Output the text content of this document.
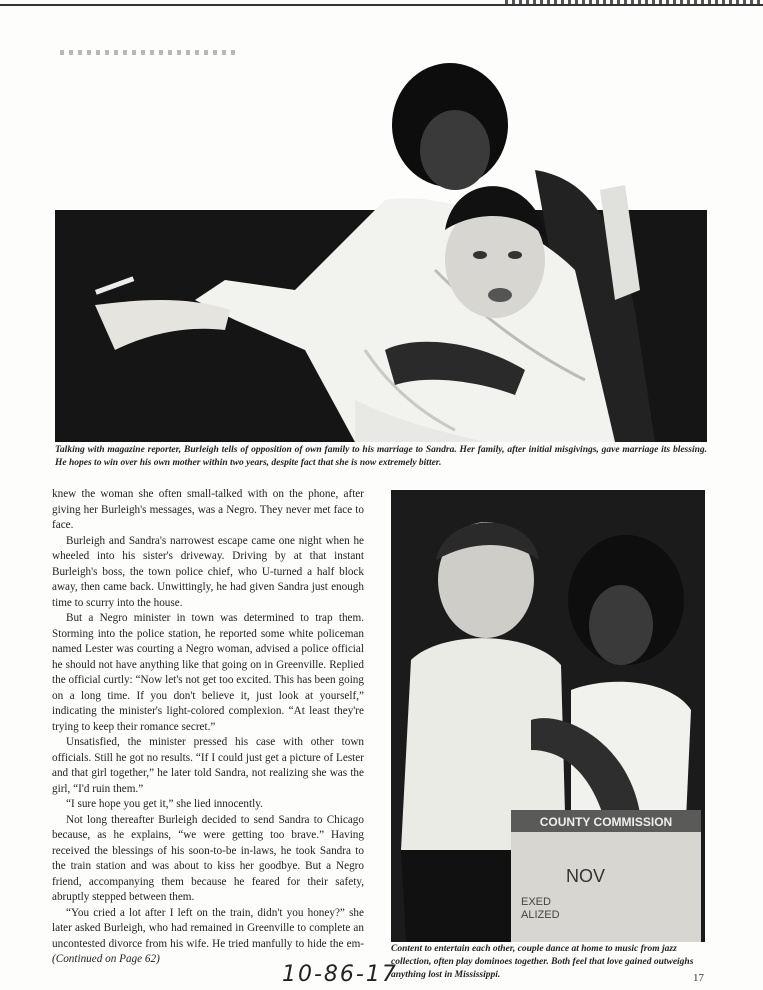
Talking with magazine reporter, Burleigh tells of opposition of own family to his marriage to Sandra. Her family, after initial misgivings, gave marriage its blessing. He hopes to win over his own mother within two years, despite fact that she is now extremely bitter.

knew the woman she often small-talked with on the phone, after giving her Burleigh's messages, was a Negro. They never met face to face.

Burleigh and Sandra's narrowest escape came one night when he wheeled into his sister's driveway. Driving by at that instant Burleigh's boss, the town police chief, who U-turned a half block away, then came back. Unwittingly, he had given Sandra just enough time to scurry into the house.

But a Negro minister in town was determined to trap them. Storming into the police station, he reported some white policeman named Lester was courting a Negro woman, advised a police official he should not have anything like that going on in Greenville. Replied the official curtly: “Now let's not get too excited. This has been going on a long time. If you don't believe it, just look at yourself,” indicating the minister's light-colored complexion. “At least they're trying to keep their romance secret.”

Unsatisfied, the minister pressed his case with other town officials. Still he got no results. “If I could just get a picture of Lester and that girl together,” he later told Sandra, not realizing she was the girl, “I'd ruin them.”

“I sure hope you get it,” she lied innocently.

Not long thereafter Burleigh decided to send Sandra to Chicago because, as he explains, “we were getting too brave.” Having received the blessings of his soon-to-be in-laws, he took Sandra to the train station and was about to kiss her goodbye. But a Negro friend, accompanying them because he feared for their safety, abruptly stepped between them.

“You cried a lot after I left on the train, didn't you honey?” she later asked Burleigh, who had remained in Greenville to complete an uncontested divorce from his wife. He tried manfully to hide the em- (Continued on Page 62)

COUNTY COMMISSION
NOV
EXED
ALIZED

Content to entertain each other, couple dance at home to music from jazz collection, often play dominoes together. Both feel that love gained outweighs anything lost in Mississippi.

10-86-17	17
